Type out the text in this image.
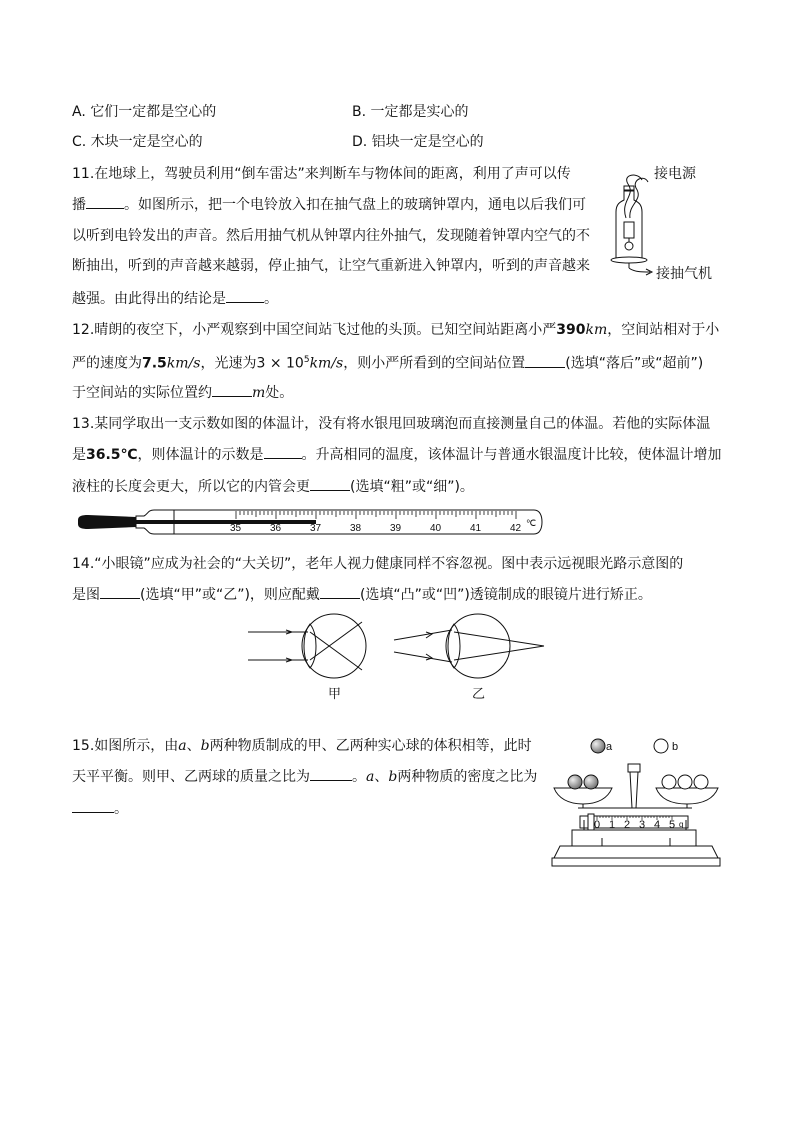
A. 它们一定都是空心的	B. 一定都是实心的
C. 木块一定是空心的	D. 铝块一定是空心的
11.在地球上，驾驶员利用“倒车雷达”来判断车与物体间的距离，利用了声可以传
播	。如图所示，把一个电铃放入扣在抽气盘上的玻璃钟罩内，通电以后我们可
以听到电铃发出的声音。然后用抽气机从钟罩内往外抽气，发现随着钟罩内空气的不
断抽出，听到的声音越来越弱，停止抽气，让空气重新进入钟罩内，听到的声音越来
越强。由此得出的结论是	。
接电源
接抽气机
12.晴朗的夜空下，小严观察到中国空间站飞过他的头顶。已知空间站距离小严390km，空间站相对于小
严的速度为7.5km/s，光速为$3 \times 10^5km/s$，则小严所看到的空间站位置	(选填“落后”或“超前”)
于空间站的实际位置约	m处。
13.某同学取出一支示数如图的体温计，没有将水银甩回玻璃泡而直接测量自己的体温。若他的实际体温
是36.5℃，则体温计的示数是	。升高相同的温度，该体温计与普通水银温度计比较，使体温计增加
液柱的长度会更大，所以它的内管会更	(选填“粗”或“细”)。
35	36	37	38	39	40	41	42 ℃
14.“小眼镜”应成为社会的“大关切”，老年人视力健康同样不容忽视。图中表示远视眼光路示意图的
是图	(选填“甲”或“乙”)，则应配戴	(选填“凸”或“凹”)透镜制成的眼镜片进行矫正。
甲	乙
15.如图所示，由a、b两种物质制成的甲、乙两种实心球的体积相等，此时
天平平衡。则甲、乙两球的质量之比为	。a、b两种物质的密度之比为
。
a	b
0 1 2 3 4 5 g
